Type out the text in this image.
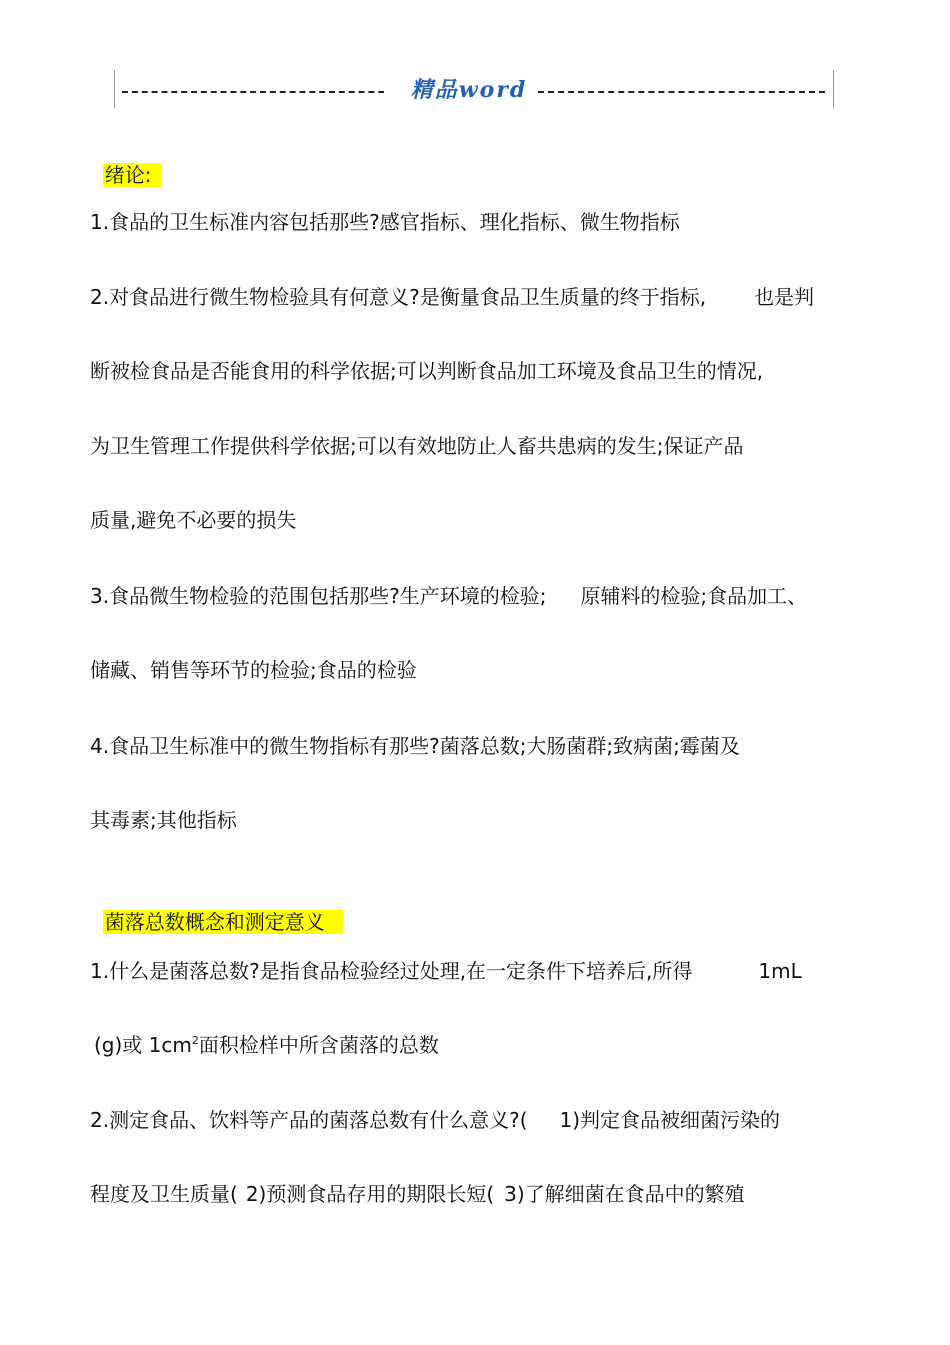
精品word

绪论:

1.食品的卫生标准内容包括那些?感官指标、理化指标、微生物指标
2.对食品进行微生物检验具有何意义?是衡量食品卫生质量的终于指标, 也是判
断被检食品是否能食用的科学依据;可以判断食品加工环境及食品卫生的情况,
为卫生管理工作提供科学依据;可以有效地防止人畜共患病的发生;保证产品
质量,避免不必要的损失
3.食品微生物检验的范围包括那些?生产环境的检验; 原辅料的检验;食品加工、
储藏、销售等环节的检验;食品的检验
4.食品卫生标准中的微生物指标有那些?菌落总数;大肠菌群;致病菌;霉菌及
其毒素;其他指标

菌落总数概念和测定意义

1.什么是菌落总数?是指食品检验经过处理,在一定条件下培养后,所得	1mL
(g)或 $1cm^2$面积检样中所含菌落的总数
2.测定食品、饮料等产品的菌落总数有什么意义?( 1)判定食品被细菌污染的
程度及卫生质量( 2)预测食品存用的期限长短( 3)了解细菌在食品中的繁殖
